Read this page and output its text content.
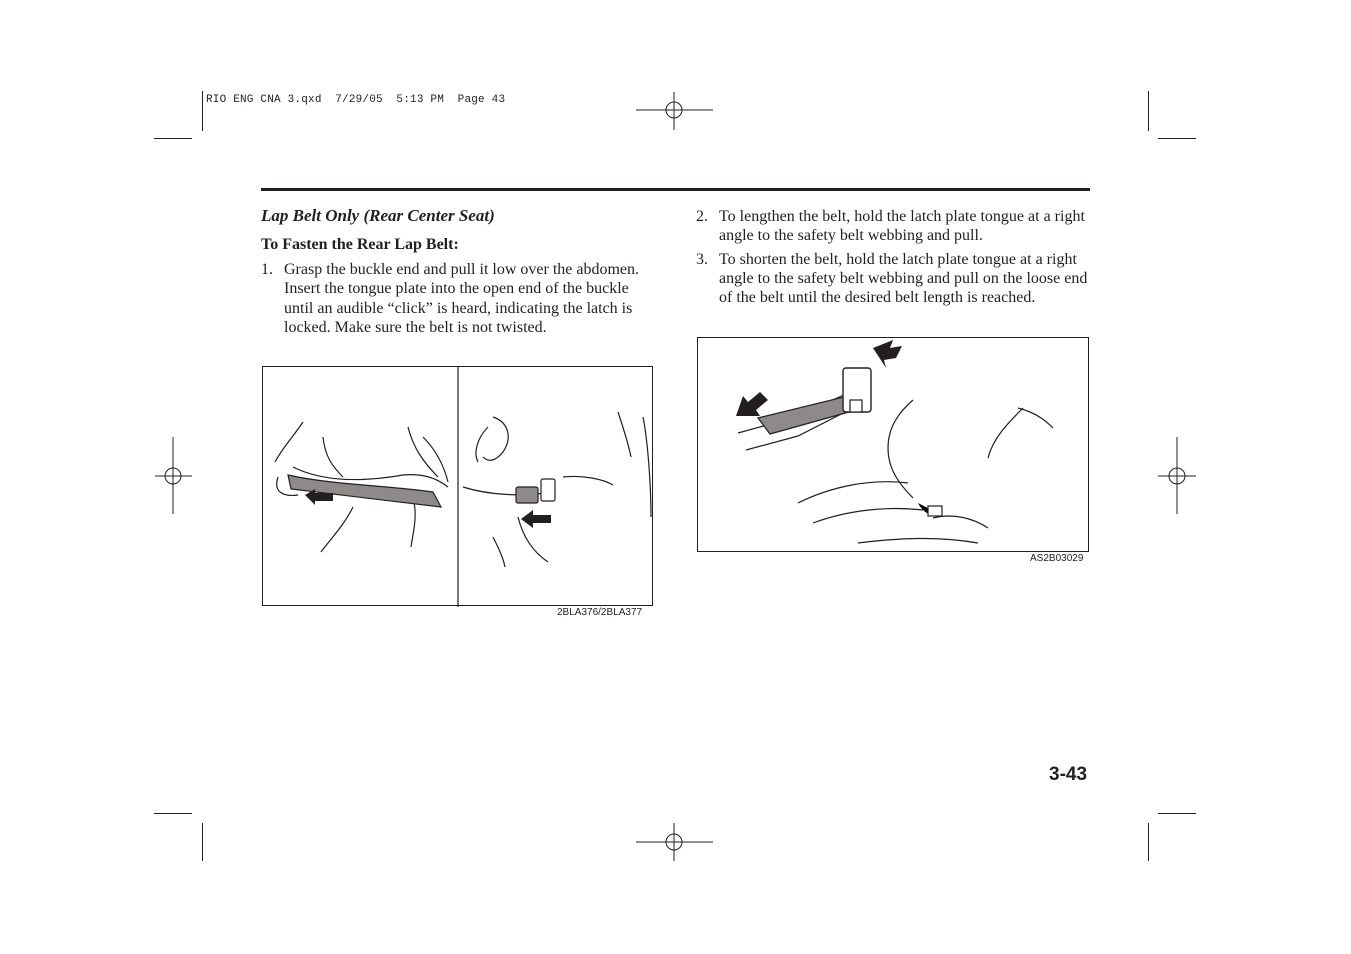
RIO ENG CNA 3.qxd  7/29/05  5:13 PM  Page 43
Lap Belt Only (Rear Center Seat)
To Fasten the Rear Lap Belt:
1. Grasp the buckle end and pull it low over the abdomen. Insert the tongue plate into the open end of the buckle until an audible “click” is heard, indicating the latch is locked. Make sure the belt is not twisted.
2BLA376/2BLA377
2. To lengthen the belt, hold the latch plate tongue at a right angle to the safety belt webbing and pull.
3. To shorten the belt, hold the latch plate tongue at a right angle to the safety belt webbing and pull on the loose end of the belt until the desired belt length is reached.
AS2B03029
3-43
